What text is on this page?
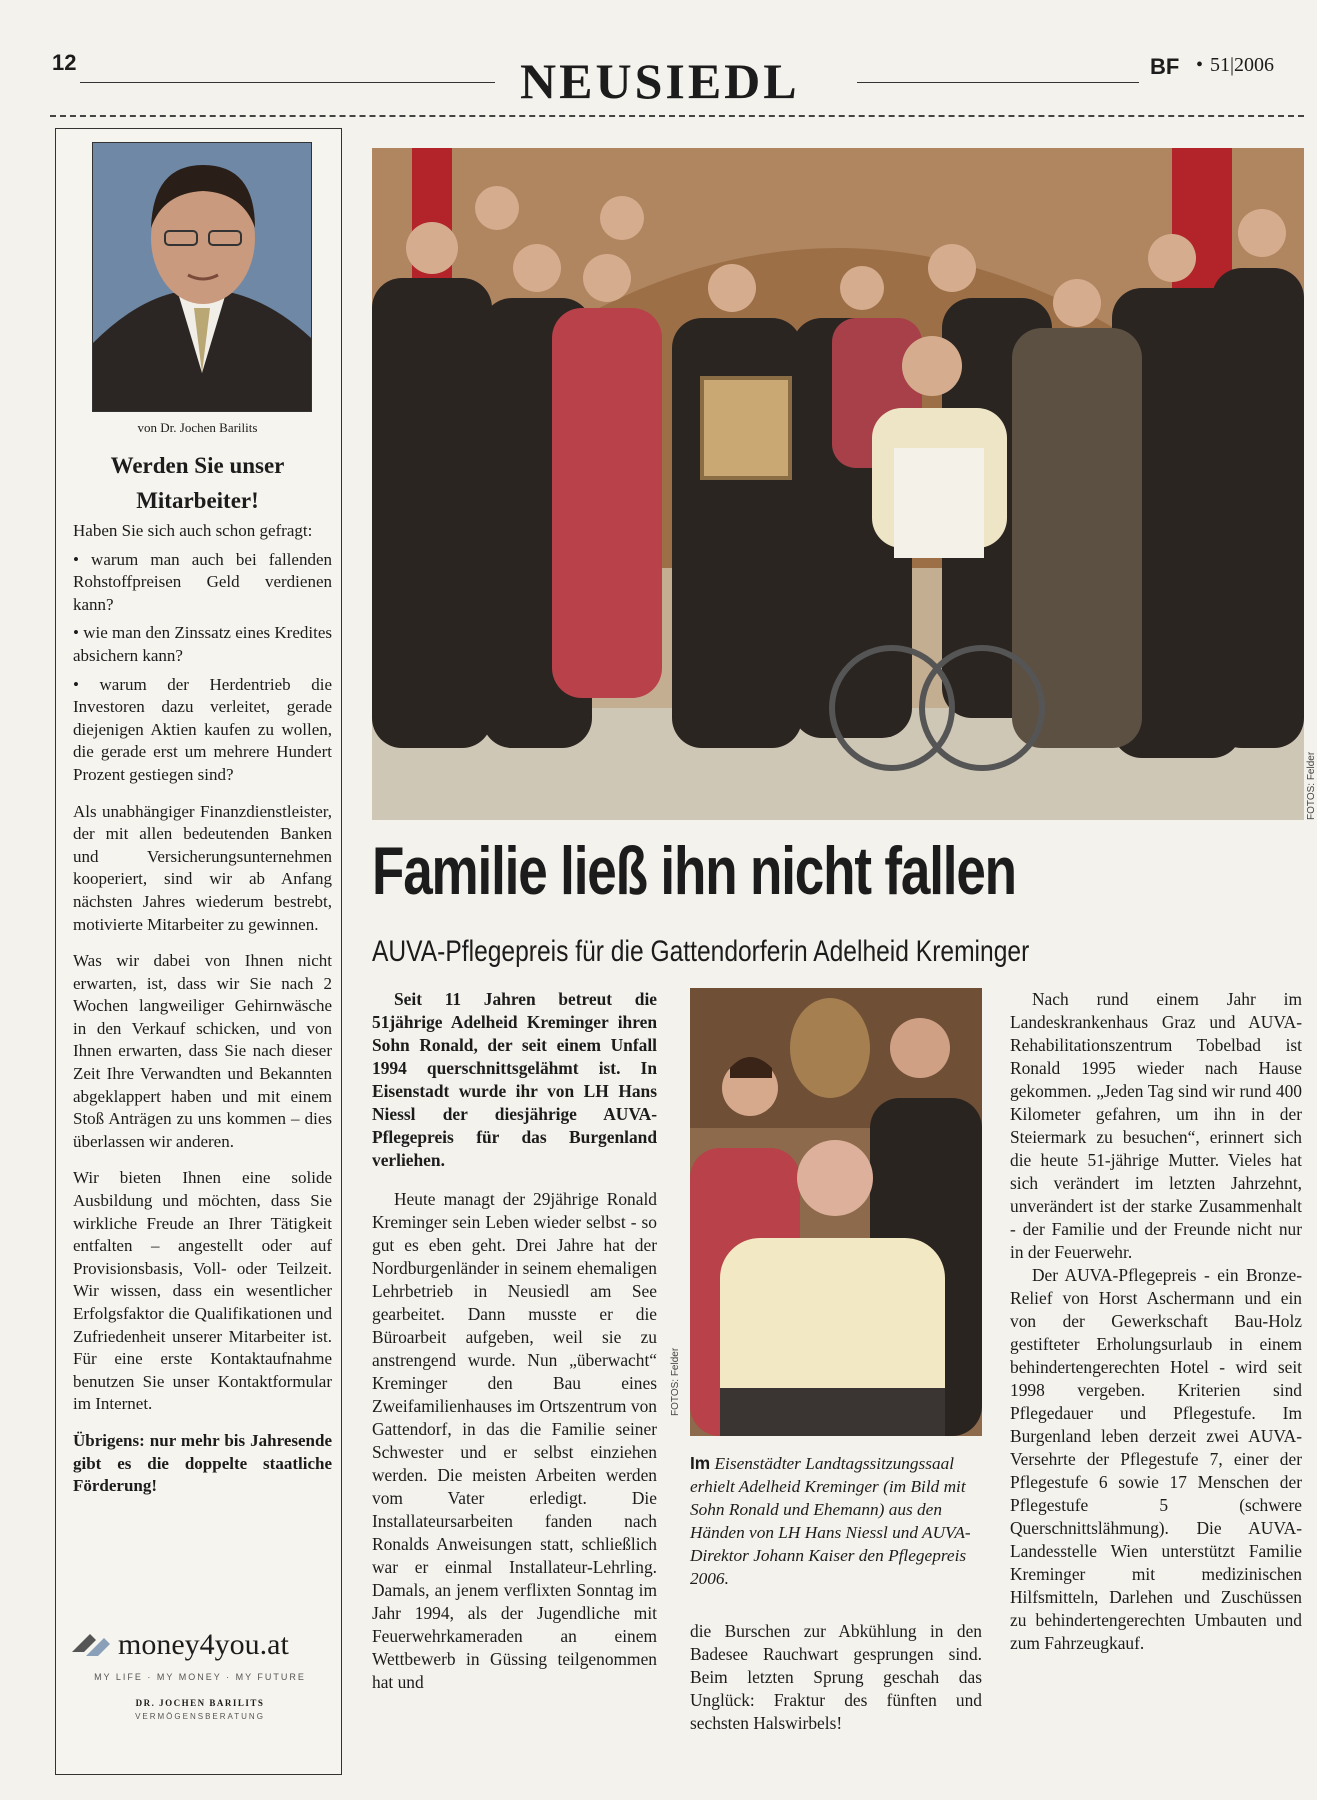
12	NEUSIEDL	BF • 51|2006
von Dr. Jochen Barilits
Werden Sie unser Mitarbeiter!

Haben Sie sich auch schon gefragt:

• warum man auch bei fallenden Rohstoffpreisen Geld verdienen kann?

• wie man den Zinssatz eines Kredites absichern kann?

• warum der Herdentrieb die Investoren dazu verleitet, gerade diejenigen Aktien kaufen zu wollen, die gerade erst um mehrere Hundert Prozent gestiegen sind?

Als unabhängiger Finanzdienstleister, der mit allen bedeutenden Banken und Versicherungsunternehmen kooperiert, sind wir ab Anfang nächsten Jahres wiederum bestrebt, motivierte Mitarbeiter zu gewinnen.

Was wir dabei von Ihnen nicht erwarten, ist, dass wir Sie nach 2 Wochen langweiliger Gehirnwäsche in den Verkauf schicken, und von Ihnen erwarten, dass Sie nach dieser Zeit Ihre Verwandten und Bekannten abgeklappert haben und mit einem Stoß Anträgen zu uns kommen – dies überlassen wir anderen.

Wir bieten Ihnen eine solide Ausbildung und möchten, dass Sie wirkliche Freude an Ihrer Tätigkeit entfalten – angestellt oder auf Provisionsbasis, Voll- oder Teilzeit. Wir wissen, dass ein wesentlicher Erfolgsfaktor die Qualifikationen und Zufriedenheit unserer Mitarbeiter ist. Für eine erste Kontaktaufnahme benutzen Sie unser Kontaktformular im Internet.

Übrigens: nur mehr bis Jahresende gibt es die doppelte staatliche Förderung!

money4you.at
MY LIFE · MY MONEY · MY FUTURE
DR. JOCHEN BARILITS
VERMÖGENSBERATUNG
FOTOS: Felder
Familie ließ ihn nicht fallen
AUVA-Pflegepreis für die Gattendorferin Adelheid Kreminger

Seit 11 Jahren betreut die 51jährige Adelheid Kreminger ihren Sohn Ronald, der seit einem Unfall 1994 querschnittsgelähmt ist. In Eisenstadt wurde ihr von LH Hans Niessl der diesjährige AUVA-Pflegepreis für das Burgenland verliehen.

Heute managt der 29jährige Ronald Kreminger sein Leben wieder selbst - so gut es eben geht. Drei Jahre hat der Nordburgenländer in seinem ehemaligen Lehrbetrieb in Neusiedl am See gearbeitet. Dann musste er die Büroarbeit aufgeben, weil sie zu anstrengend wurde. Nun „überwacht“ Kreminger den Bau eines Zweifamilienhauses im Ortszentrum von Gattendorf, in das die Familie seiner Schwester und er selbst einziehen werden. Die meisten Arbeiten werden vom Vater erledigt. Die Installateursarbeiten fanden nach Ronalds Anweisungen statt, schließlich war er einmal Installateur-Lehrling. Damals, an jenem verflixten Sonntag im Jahr 1994, als der Jugendliche mit Feuerwehrkameraden an einem Wettbewerb in Güssing teilgenommen hat und

FOTOS: Felder
Im Eisenstädter Landtagssitzungssaal erhielt Adelheid Kreminger (im Bild mit Sohn Ronald und Ehemann) aus den Händen von LH Hans Niessl und AUVA-Direktor Johann Kaiser den Pflegepreis 2006.

die Burschen zur Abkühlung in den Badesee Rauchwart gesprungen sind. Beim letzten Sprung geschah das Unglück: Fraktur des fünften und sechsten Halswirbels!

Nach rund einem Jahr im Landeskrankenhaus Graz und AUVA-Rehabilitationszentrum Tobelbad ist Ronald 1995 wieder nach Hause gekommen. „Jeden Tag sind wir rund 400 Kilometer gefahren, um ihn in der Steiermark zu besuchen“, erinnert sich die heute 51-jährige Mutter. Vieles hat sich verändert im letzten Jahrzehnt, unverändert ist der starke Zusammenhalt - der Familie und der Freunde nicht nur in der Feuerwehr.

Der AUVA-Pflegepreis - ein Bronze-Relief von Horst Aschermann und ein von der Gewerkschaft Bau-Holz gestifteter Erholungsurlaub in einem behindertengerechten Hotel - wird seit 1998 vergeben. Kriterien sind Pflegedauer und Pflegestufe. Im Burgenland leben derzeit zwei AUVA-Versehrte der Pflegestufe 7, einer der Pflegestufe 6 sowie 17 Menschen der Pflegestufe 5 (schwere Querschnittslähmung). Die AUVA-Landesstelle Wien unterstützt Familie Kreminger mit medizinischen Hilfsmitteln, Darlehen und Zuschüssen zu behindertengerechten Umbauten und zum Fahrzeugkauf.
